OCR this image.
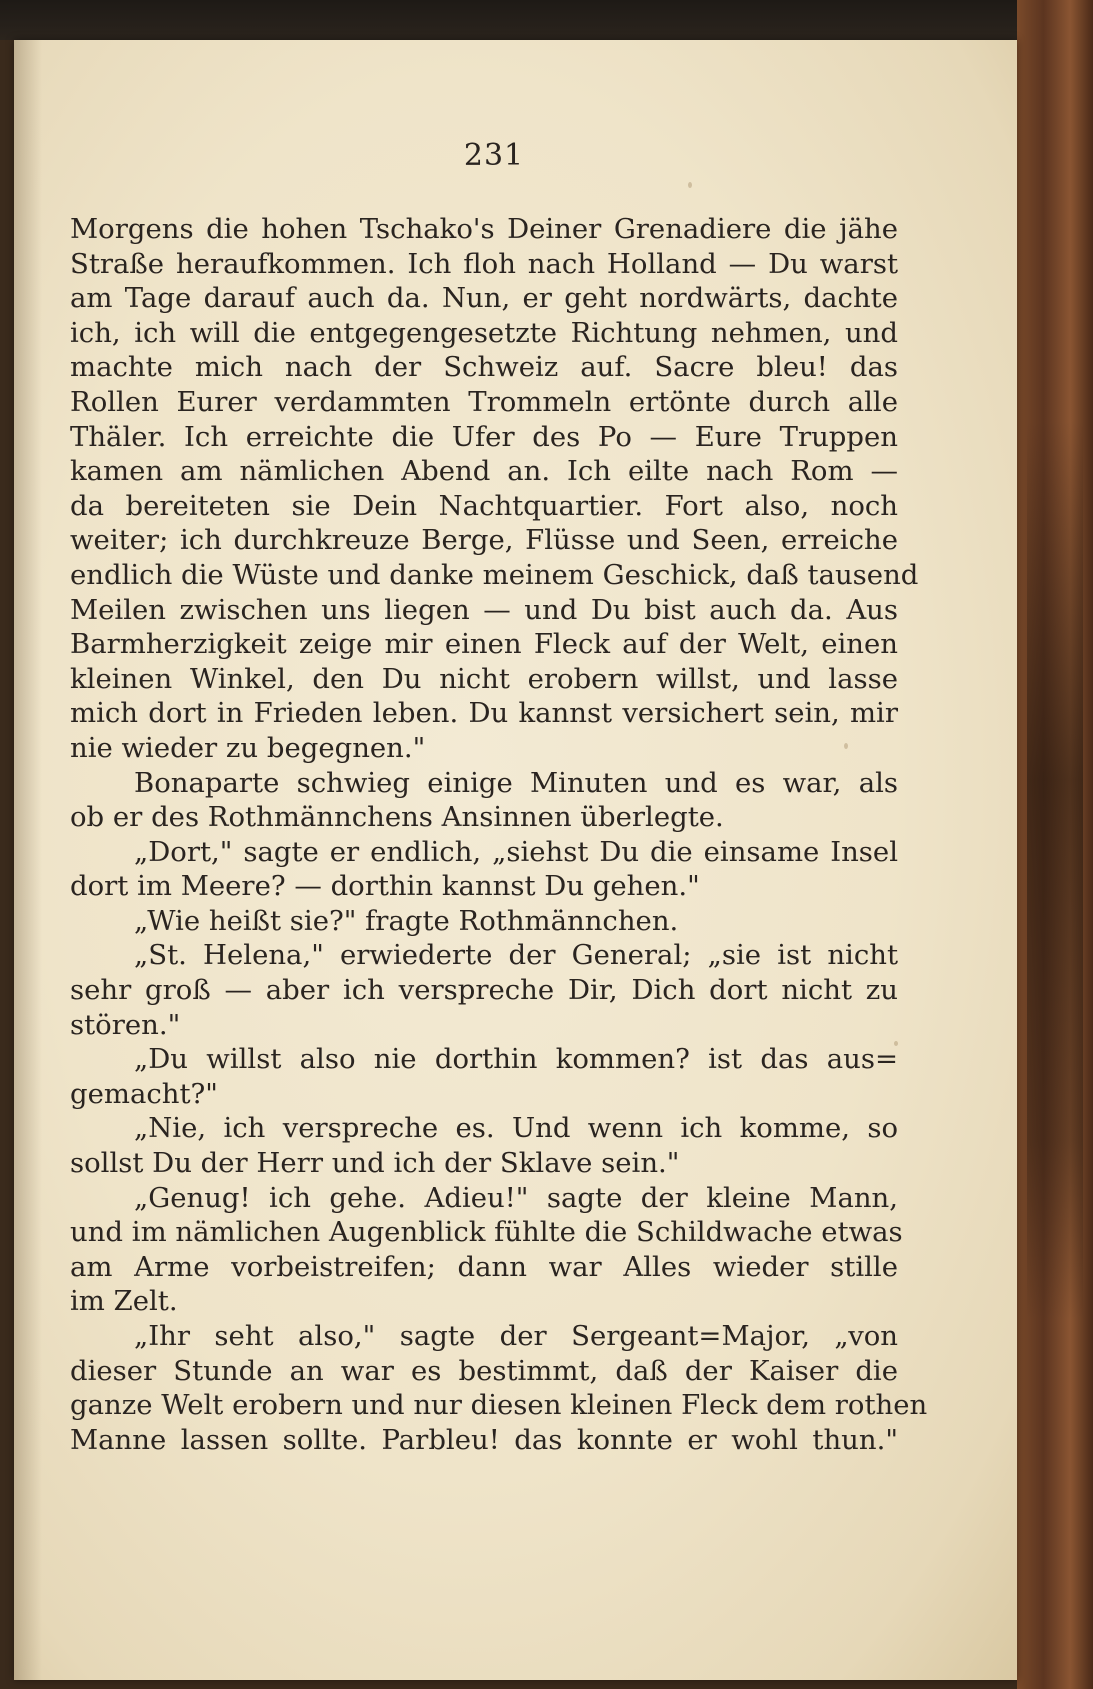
231
Morgens die hohen Tschako's Deiner Grenadiere die jähe
Straße heraufkommen. Ich floh nach Holland — Du warst
am Tage darauf auch da. Nun, er geht nordwärts, dachte
ich, ich will die entgegengesetzte Richtung nehmen, und
machte mich nach der Schweiz auf. Sacre bleu! das
Rollen Eurer verdammten Trommeln ertönte durch alle
Thäler. Ich erreichte die Ufer des Po — Eure Truppen
kamen am nämlichen Abend an. Ich eilte nach Rom —
da bereiteten sie Dein Nachtquartier. Fort also, noch
weiter; ich durchkreuze Berge, Flüsse und Seen, erreiche
endlich die Wüste und danke meinem Geschick, daß tausend
Meilen zwischen uns liegen — und Du bist auch da. Aus
Barmherzigkeit zeige mir einen Fleck auf der Welt, einen
kleinen Winkel, den Du nicht erobern willst, und lasse
mich dort in Frieden leben. Du kannst versichert sein, mir
nie wieder zu begegnen."
Bonaparte schwieg einige Minuten und es war, als
ob er des Rothmännchens Ansinnen überlegte.
„Dort," sagte er endlich, „siehst Du die einsame Insel
dort im Meere? — dorthin kannst Du gehen."
„Wie heißt sie?" fragte Rothmännchen.
„St. Helena," erwiederte der General; „sie ist nicht
sehr groß — aber ich verspreche Dir, Dich dort nicht zu
stören."
„Du willst also nie dorthin kommen? ist das aus=
gemacht?"
„Nie, ich verspreche es. Und wenn ich komme, so
sollst Du der Herr und ich der Sklave sein."
„Genug! ich gehe. Adieu!" sagte der kleine Mann,
und im nämlichen Augenblick fühlte die Schildwache etwas
am Arme vorbeistreifen; dann war Alles wieder stille
im Zelt.
„Ihr seht also," sagte der Sergeant=Major, „von
dieser Stunde an war es bestimmt, daß der Kaiser die
ganze Welt erobern und nur diesen kleinen Fleck dem rothen
Manne lassen sollte. Parbleu! das konnte er wohl thun."
